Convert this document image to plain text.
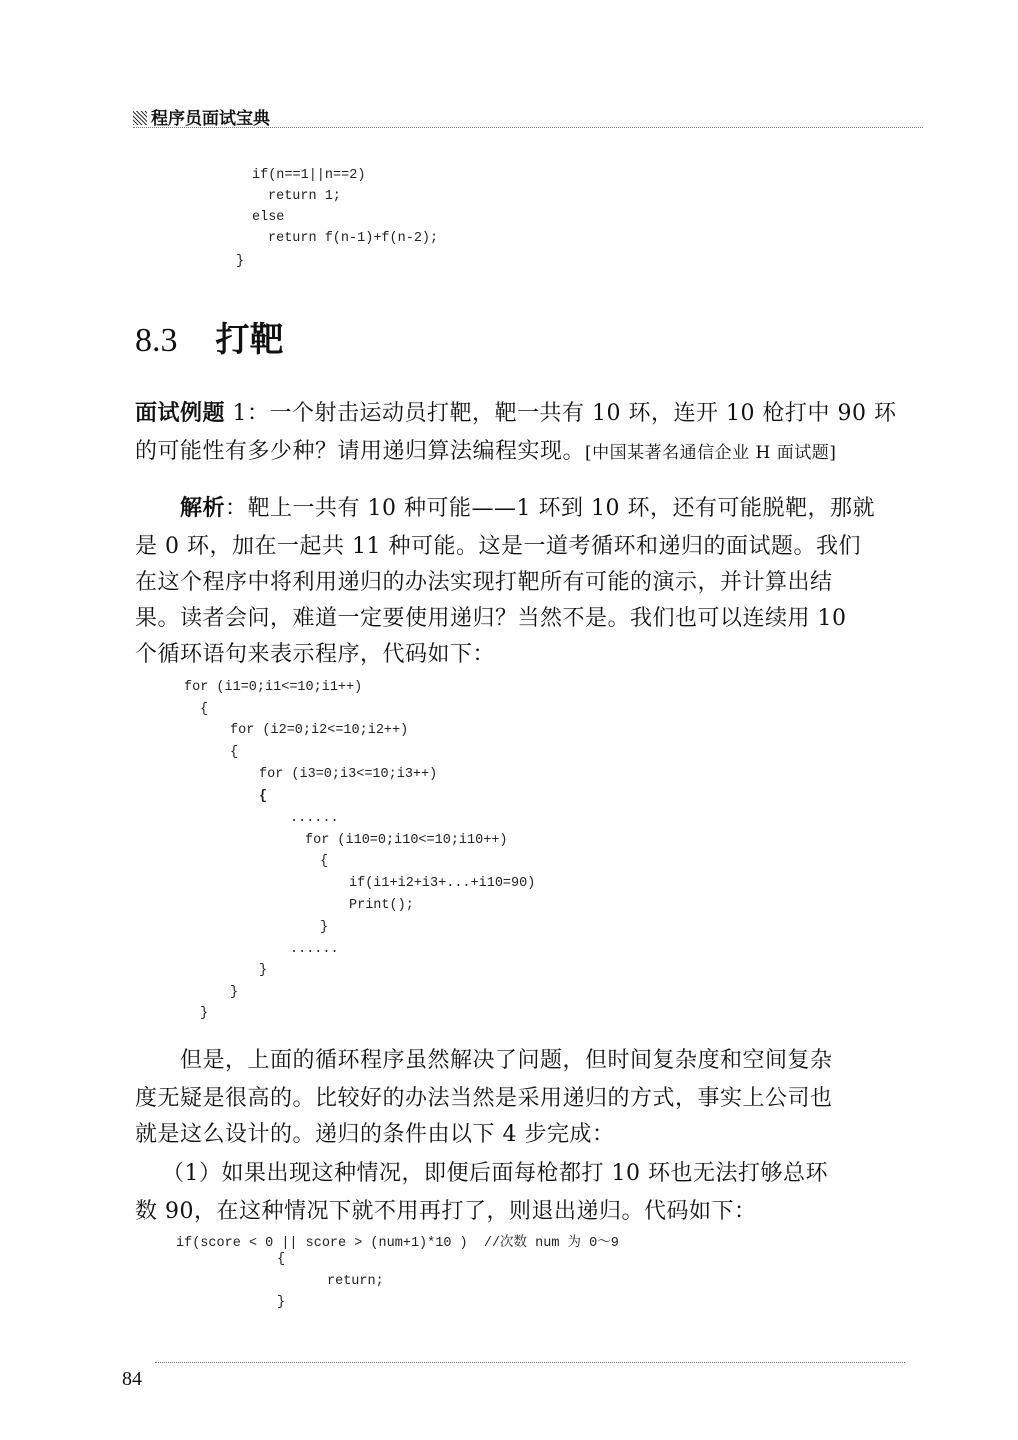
程序员面试宝典
if(n==1||n==2)
return 1;
else
return f(n-1)+f(n-2);
}
8.3 打靶
面试例题 1：一个射击运动员打靶，靶一共有 10 环，连开 10 枪打中 90 环
的可能性有多少种？请用递归算法编程实现。[中国某著名通信企业 H 面试题]
解析：靶上一共有 10 种可能——1 环到 10 环，还有可能脱靶，那就
是 0 环，加在一起共 11 种可能。这是一道考循环和递归的面试题。我们
在这个程序中将利用递归的办法实现打靶所有可能的演示，并计算出结
果。读者会问，难道一定要使用递归？当然不是。我们也可以连续用 10
个循环语句来表示程序，代码如下：
for (i1=0;i1<=10;i1++)
{
for (i2=0;i2<=10;i2++)
{
for (i3=0;i3<=10;i3++)
{
......
for (i10=0;i10<=10;i10++)
{
if(i1+i2+i3+...+i10=90)
Print();
}
......
}
}
}
但是，上面的循环程序虽然解决了问题，但时间复杂度和空间复杂
度无疑是很高的。比较好的办法当然是采用递归的方式，事实上公司也
就是这么设计的。递归的条件由以下 4 步完成：
（1）如果出现这种情况，即便后面每枪都打 10 环也无法打够总环
数 90，在这种情况下就不用再打了，则退出递归。代码如下：
if(score < 0 || score > (num+1)*10 )  //次数 num 为 0～9
{
return;
}
84
